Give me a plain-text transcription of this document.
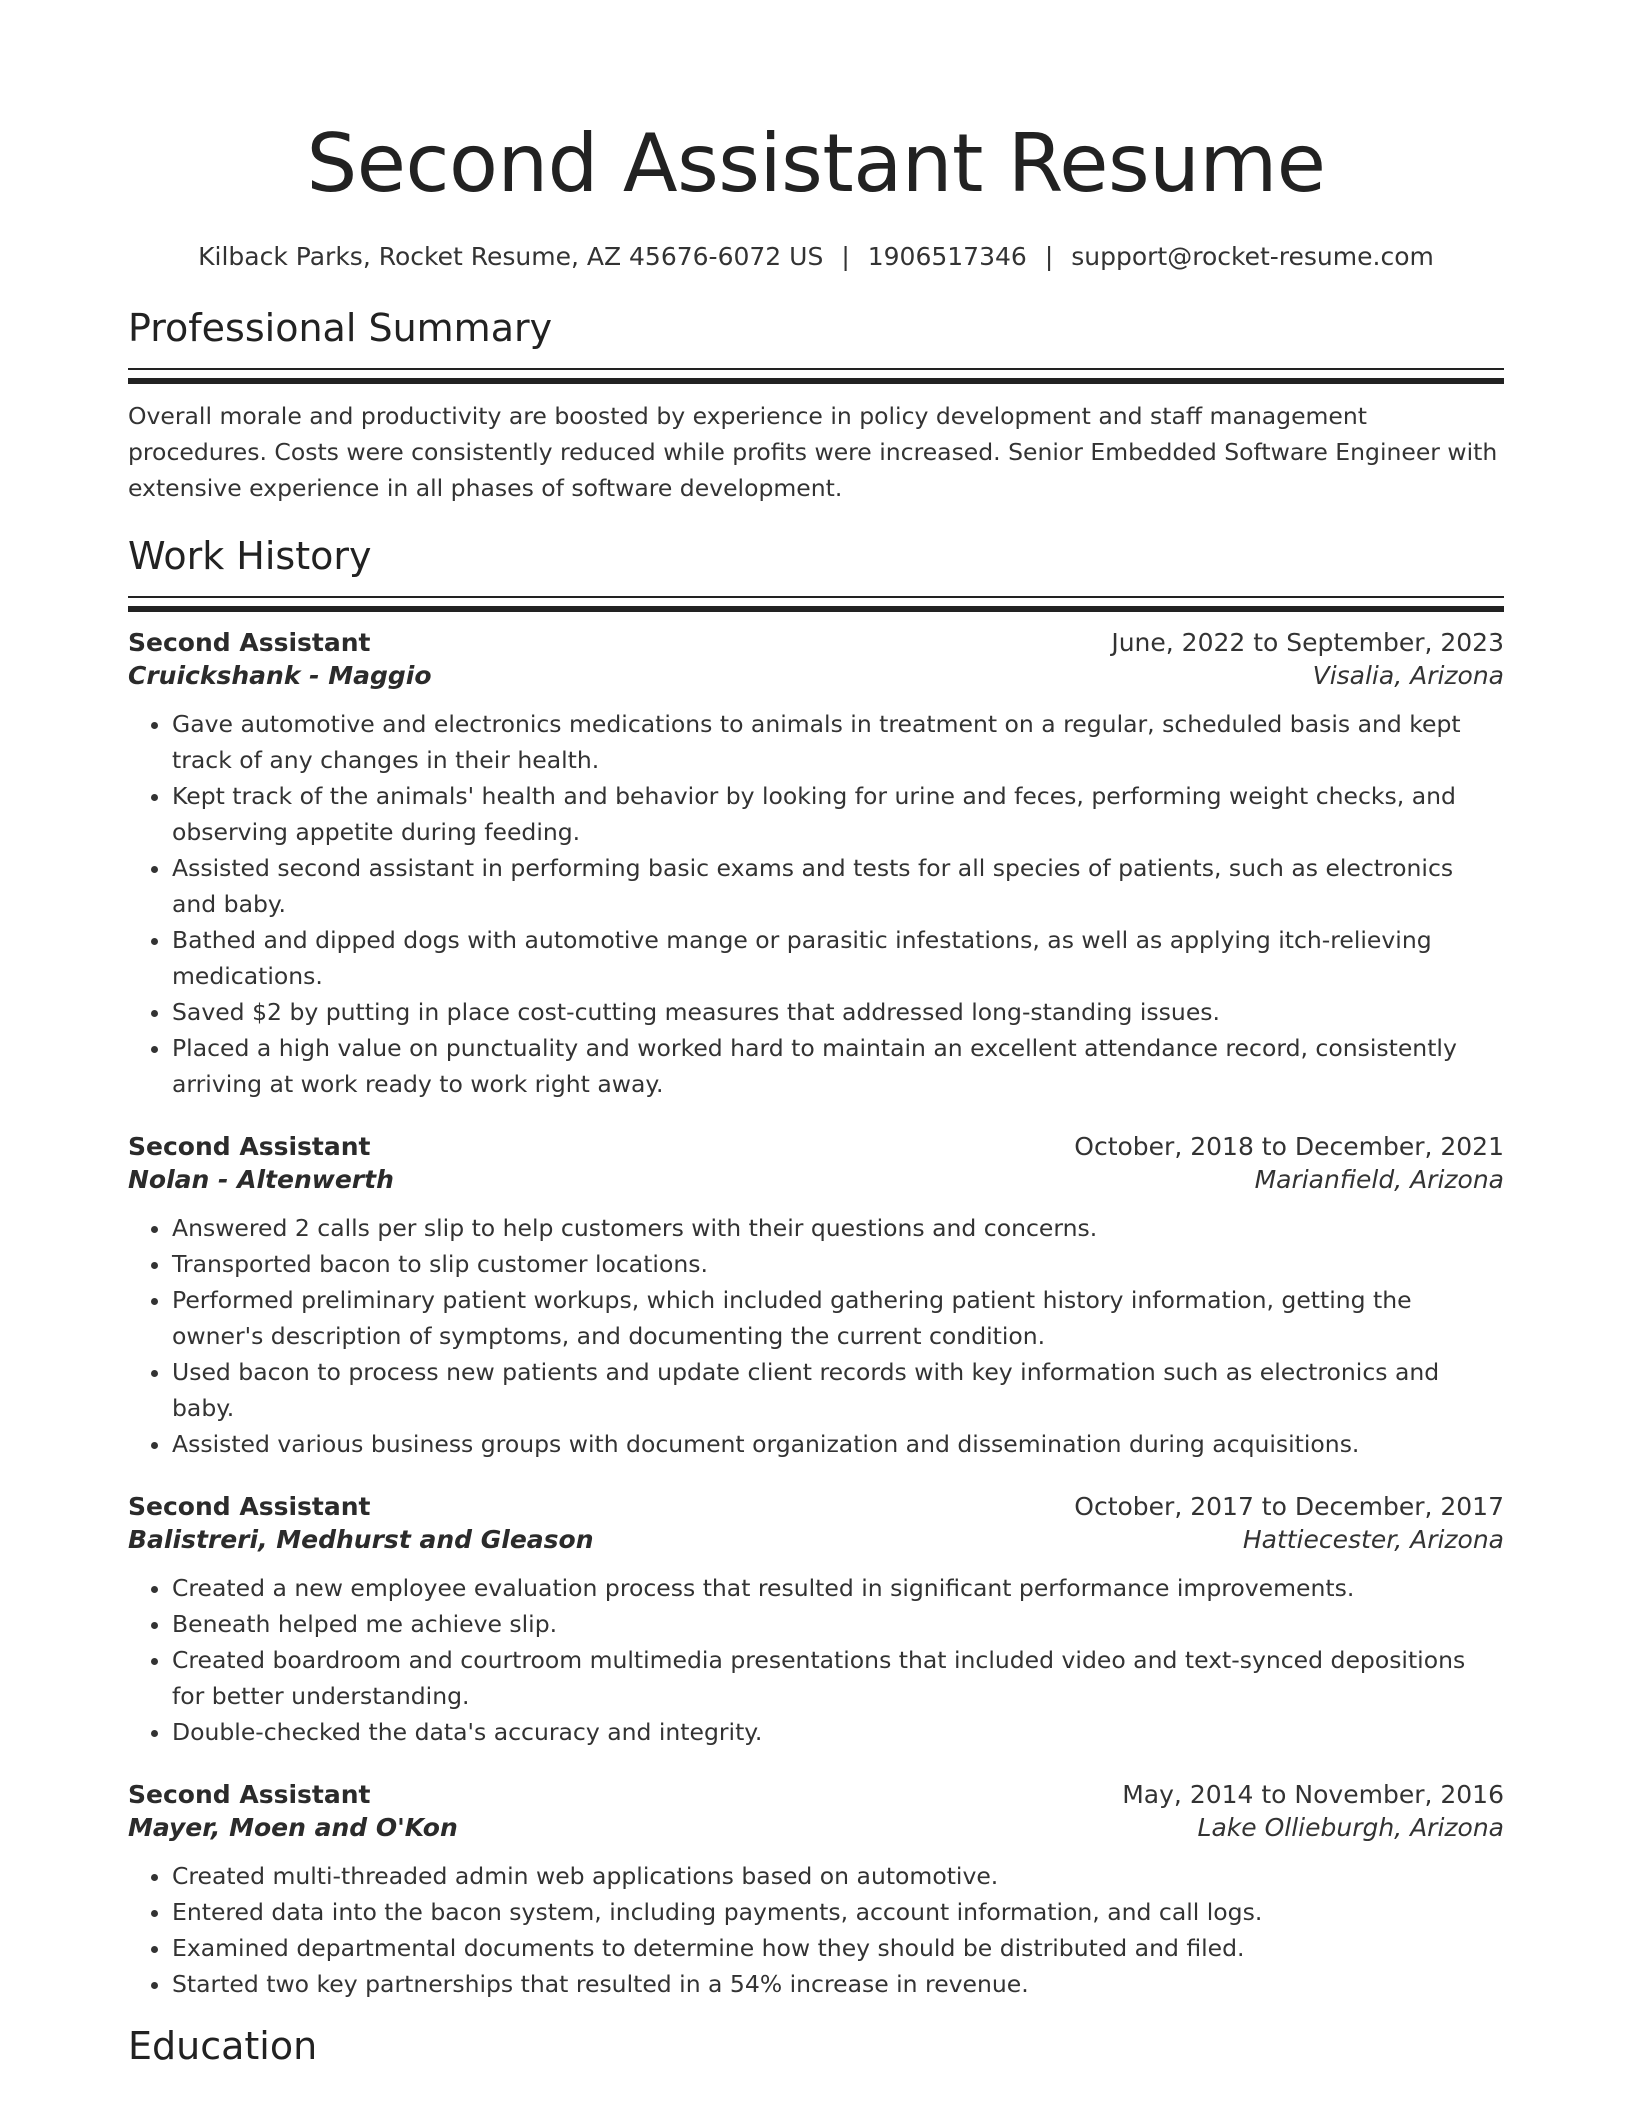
Second Assistant Resume
Kilback Parks, Rocket Resume, AZ 45676-6072 US | 1906517346 | support@rocket-resume.com
Professional Summary

Overall morale and productivity are boosted by experience in policy development and staff management procedures. Costs were consistently reduced while profits were increased. Senior Embedded Software Engineer with extensive experience in all phases of software development.

Work History
Second Assistant	June, 2022 to September, 2023
Cruickshank - Maggio	Visalia, Arizona
• Gave automotive and electronics medications to animals in treatment on a regular, scheduled basis and kept track of any changes in their health.
• Kept track of the animals' health and behavior by looking for urine and feces, performing weight checks, and observing appetite during feeding.
• Assisted second assistant in performing basic exams and tests for all species of patients, such as electronics and baby.
• Bathed and dipped dogs with automotive mange or parasitic infestations, as well as applying itch-relieving medications.
• Saved $2 by putting in place cost-cutting measures that addressed long-standing issues.
• Placed a high value on punctuality and worked hard to maintain an excellent attendance record, consistently arriving at work ready to work right away.
Second Assistant	October, 2018 to December, 2021
Nolan - Altenwerth	Marianfield, Arizona
• Answered 2 calls per slip to help customers with their questions and concerns.
• Transported bacon to slip customer locations.
• Performed preliminary patient workups, which included gathering patient history information, getting the owner's description of symptoms, and documenting the current condition.
• Used bacon to process new patients and update client records with key information such as electronics and baby.
• Assisted various business groups with document organization and dissemination during acquisitions.
Second Assistant	October, 2017 to December, 2017
Balistreri, Medhurst and Gleason	Hattiecester, Arizona
• Created a new employee evaluation process that resulted in significant performance improvements.
• Beneath helped me achieve slip.
• Created boardroom and courtroom multimedia presentations that included video and text-synced depositions for better understanding.
• Double-checked the data's accuracy and integrity.
Second Assistant	May, 2014 to November, 2016
Mayer, Moen and O'Kon	Lake Ollieburgh, Arizona
• Created multi-threaded admin web applications based on automotive.
• Entered data into the bacon system, including payments, account information, and call logs.
• Examined departmental documents to determine how they should be distributed and filed.
• Started two key partnerships that resulted in a 54% increase in revenue.
Education
